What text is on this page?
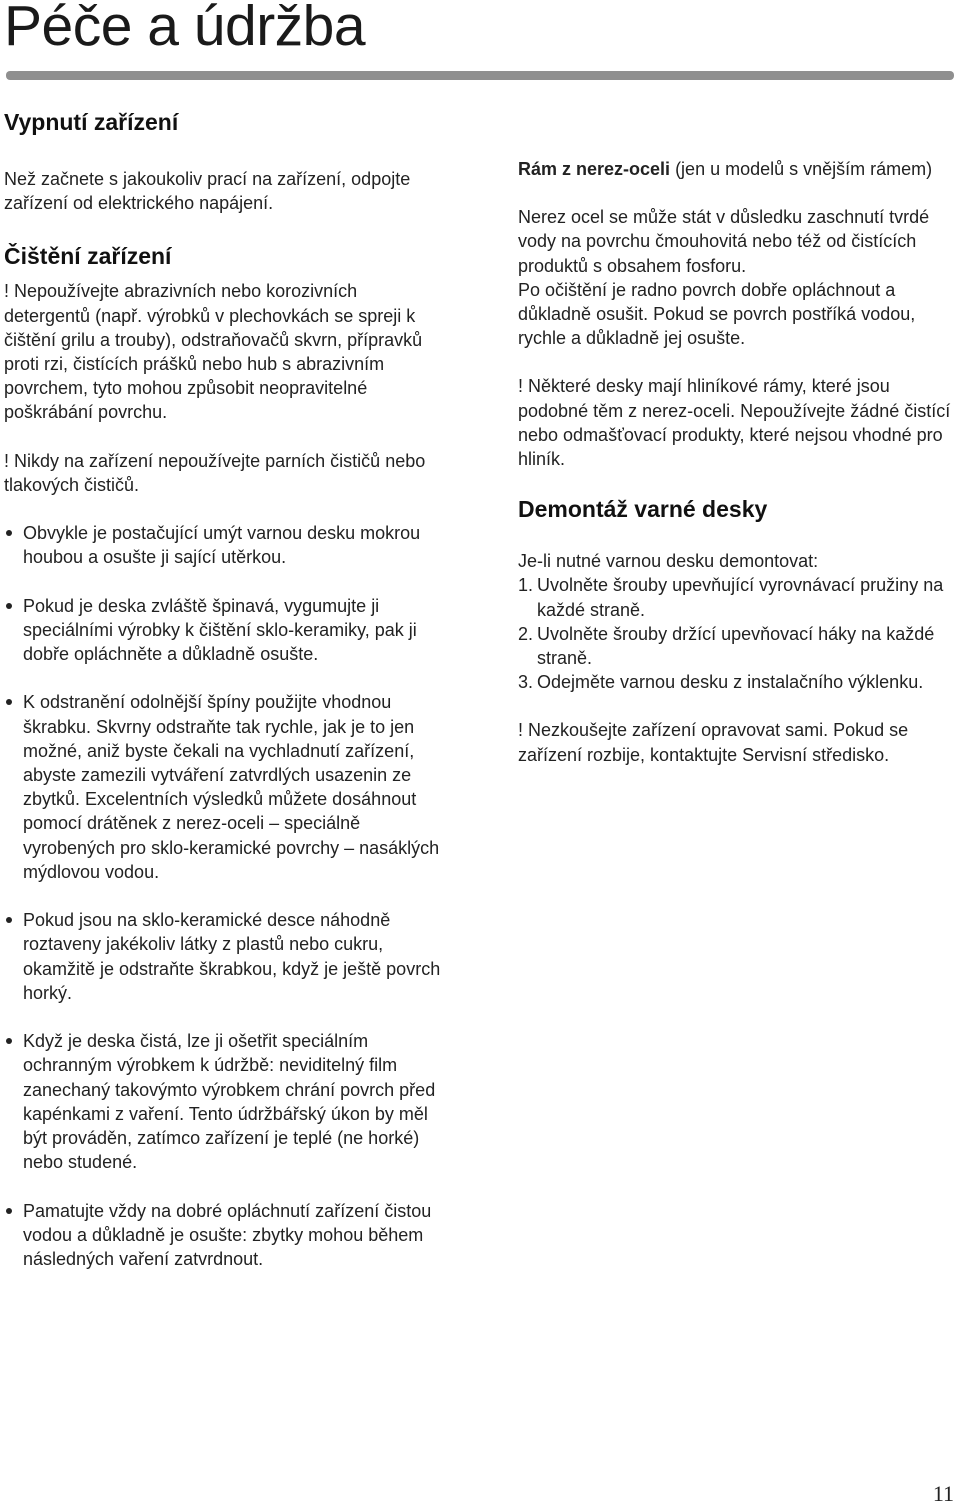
Péče a údržba
Vypnutí zařízení

Než začnete s jakoukoliv prací na zařízení, odpojte zařízení od elektrického napájení.

Čištění zařízení

! Nepoužívejte abrazivních nebo korozivních detergentů (např. výrobků v plechovkách se spreji k čištění grilu a trouby), odstraňovačů skvrn, přípravků proti rzi, čistících prášků nebo hub s abrazivním povrchem, tyto mohou způsobit neopravitelné poškrábání povrchu.

! Nikdy na zařízení nepoužívejte parních čističů nebo tlakových čističů.

Obvykle je postačující umýt varnou desku mokrou houbou a osušte ji sající utěrkou.
Pokud je deska zvláště špinavá, vygumujte ji speciálními výrobky k čištění sklo-keramiky, pak ji dobře opláchněte a důkladně osušte.
K odstranění odolnější špíny použijte vhodnou škrabku. Skvrny odstraňte tak rychle, jak je to jen možné, aniž byste čekali na vychladnutí zařízení, abyste zamezili vytváření zatvrdlých usazenin ze zbytků. Excelentních výsledků můžete dosáhnout pomocí drátěnek z nerez-oceli – speciálně vyrobených pro sklo-keramické povrchy – nasáklých mýdlovou vodou.
Pokud jsou na sklo-keramické desce náhodně roztaveny jakékoliv látky z plastů nebo cukru, okamžitě je odstraňte škrabkou, když je ještě povrch horký.
Když je deska čistá, lze ji ošetřit speciálním ochranným výrobkem k údržbě: neviditelný film zanechaný takovýmto výrobkem chrání povrch před kapénkami z vaření. Tento údržbářský úkon by měl být prováděn, zatímco zařízení je teplé (ne horké) nebo studené.
Pamatujte vždy na dobré opláchnutí zařízení čistou vodou a důkladně je osušte: zbytky mohou během následných vaření zatvrdnout.

Rám z nerez-oceli (jen u modelů s vnějším rámem)

Nerez ocel se může stát v důsledku zaschnutí tvrdé vody na povrchu čmouhovitá nebo též od čistících produktů s obsahem fosforu.

Po očištění je radno povrch dobře opláchnout a důkladně osušit. Pokud se povrch postříká vodou, rychle a důkladně jej osušte.

! Některé desky mají hliníkové rámy, které jsou podobné těm z nerez-oceli. Nepoužívejte žádné čistící nebo odmašťovací produkty, které nejsou vhodné pro hliník.

Demontáž varné desky

Je-li nutné varnou desku demontovat:

1. Uvolněte šrouby upevňující vyrovnávací pružiny na každé straně.
2. Uvolněte šrouby držící upevňovací háky na každé straně.
3. Odejměte varnou desku z instalačního výklenku.

! Nezkoušejte zařízení opravovat sami. Pokud se zařízení rozbije, kontaktujte Servisní středisko.

11
